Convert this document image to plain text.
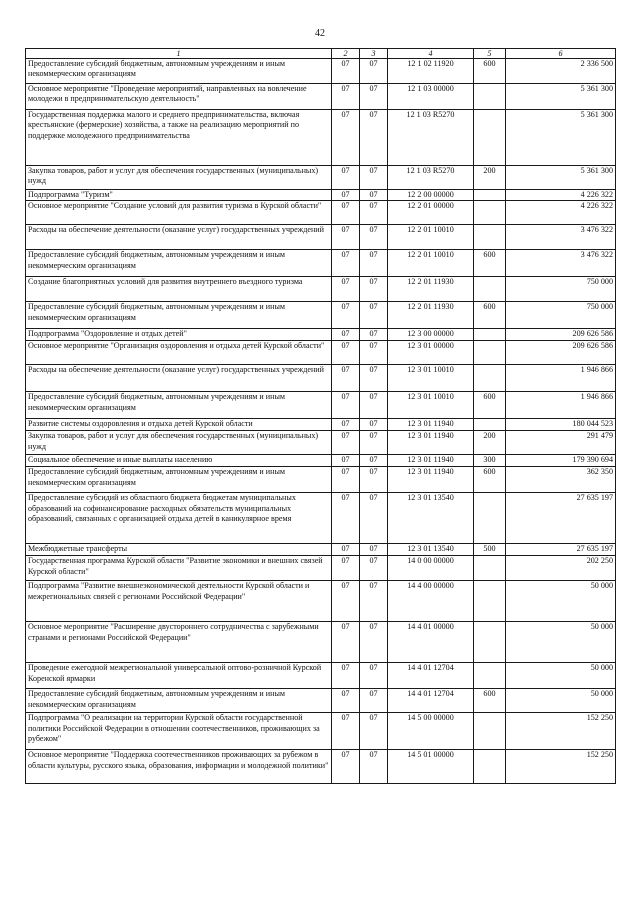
42
1	2	3	4	5	6
Предоставление субсидий бюджетным, автономным учреждениям и иным некоммерческим организациям	07	07	12 1 02 11920	600	2 336 500
Основное мероприятие "Проведение мероприятий, направленных на вовлечение молодежи в предпринимательскую деятельность"	07	07	12 1 03 00000		5 361 300
Государственная поддержка малого и среднего предпринимательства, включая крестьянские (фермерские) хозяйства, а также на реализацию мероприятий по поддержке молодежного предпринимательства	07	07	12 1 03 R5270		5 361 300
Закупка товаров, работ и услуг для обеспечения государственных (муниципальных) нужд	07	07	12 1 03 R5270	200	5 361 300
Подпрограмма "Туризм"	07	07	12 2 00 00000		4 226 322
Основное мероприятие "Создание условий для развития туризма в Курской области"	07	07	12 2 01 00000		4 226 322
Расходы на обеспечение деятельности (оказание услуг) государственных учреждений	07	07	12 2 01 10010		3 476 322
Предоставление субсидий бюджетным, автономным учреждениям и иным некоммерческим организациям	07	07	12 2 01 10010	600	3 476 322
Создание благоприятных условий для развития внутреннего въездного туризма	07	07	12 2 01 11930		750 000
Предоставление субсидий бюджетным, автономным учреждениям и иным некоммерческим организациям	07	07	12 2 01 11930	600	750 000
Подпрограмма "Оздоровление и отдых детей"	07	07	12 3 00 00000		209 626 586
Основное мероприятие "Организация оздоровления и отдыха детей Курской области"	07	07	12 3 01 00000		209 626 586
Расходы на обеспечение деятельности (оказание услуг) государственных учреждений	07	07	12 3 01 10010		1 946 866
Предоставление субсидий бюджетным, автономным учреждениям и иным некоммерческим организациям	07	07	12 3 01 10010	600	1 946 866
Развитие системы оздоровления и отдыха детей Курской области	07	07	12 3 01 11940		180 044 523
Закупка товаров, работ и услуг для обеспечения государственных (муниципальных) нужд	07	07	12 3 01 11940	200	291 479
Социальное обеспечение и иные выплаты населению	07	07	12 3 01 11940	300	179 390 694
Предоставление субсидий бюджетным, автономным учреждениям и иным некоммерческим организациям	07	07	12 3 01 11940	600	362 350
Предоставление субсидий из областного бюджета бюджетам муниципальных образований на софинансирование расходных обязательств муниципальных образований, связанных с организацией отдыха детей в каникулярное время	07	07	12 3 01 13540		27 635 197
Межбюджетные трансферты	07	07	12 3 01 13540	500	27 635 197
Государственная программа Курской области "Развитие экономики и внешних связей Курской области"	07	07	14 0 00 00000		202 250
Подпрограмма "Развитие внешнеэкономической деятельности Курской области и межрегиональных связей с регионами Российской Федерации"	07	07	14 4 00 00000		50 000
Основное мероприятие "Расширение двустороннего сотрудничества с зарубежными странами и регионами Российской Федерации"	07	07	14 4 01 00000		50 000
Проведение ежегодной межрегиональной универсальной оптово-розничной Курской Коренской ярмарки	07	07	14 4 01 12704		50 000
Предоставление субсидий бюджетным, автономным учреждениям и иным некоммерческим организациям	07	07	14 4 01 12704	600	50 000
Подпрограмма "О реализации на территории Курской области государственной политики Российской Федерации в отношении соотечественников, проживающих за рубежом"	07	07	14 5 00 00000		152 250
Основное мероприятие "Поддержка соотечественников проживающих за рубежом в области культуры, русского языка, образования, информации и молодежной политики"	07	07	14 5 01 00000		152 250
